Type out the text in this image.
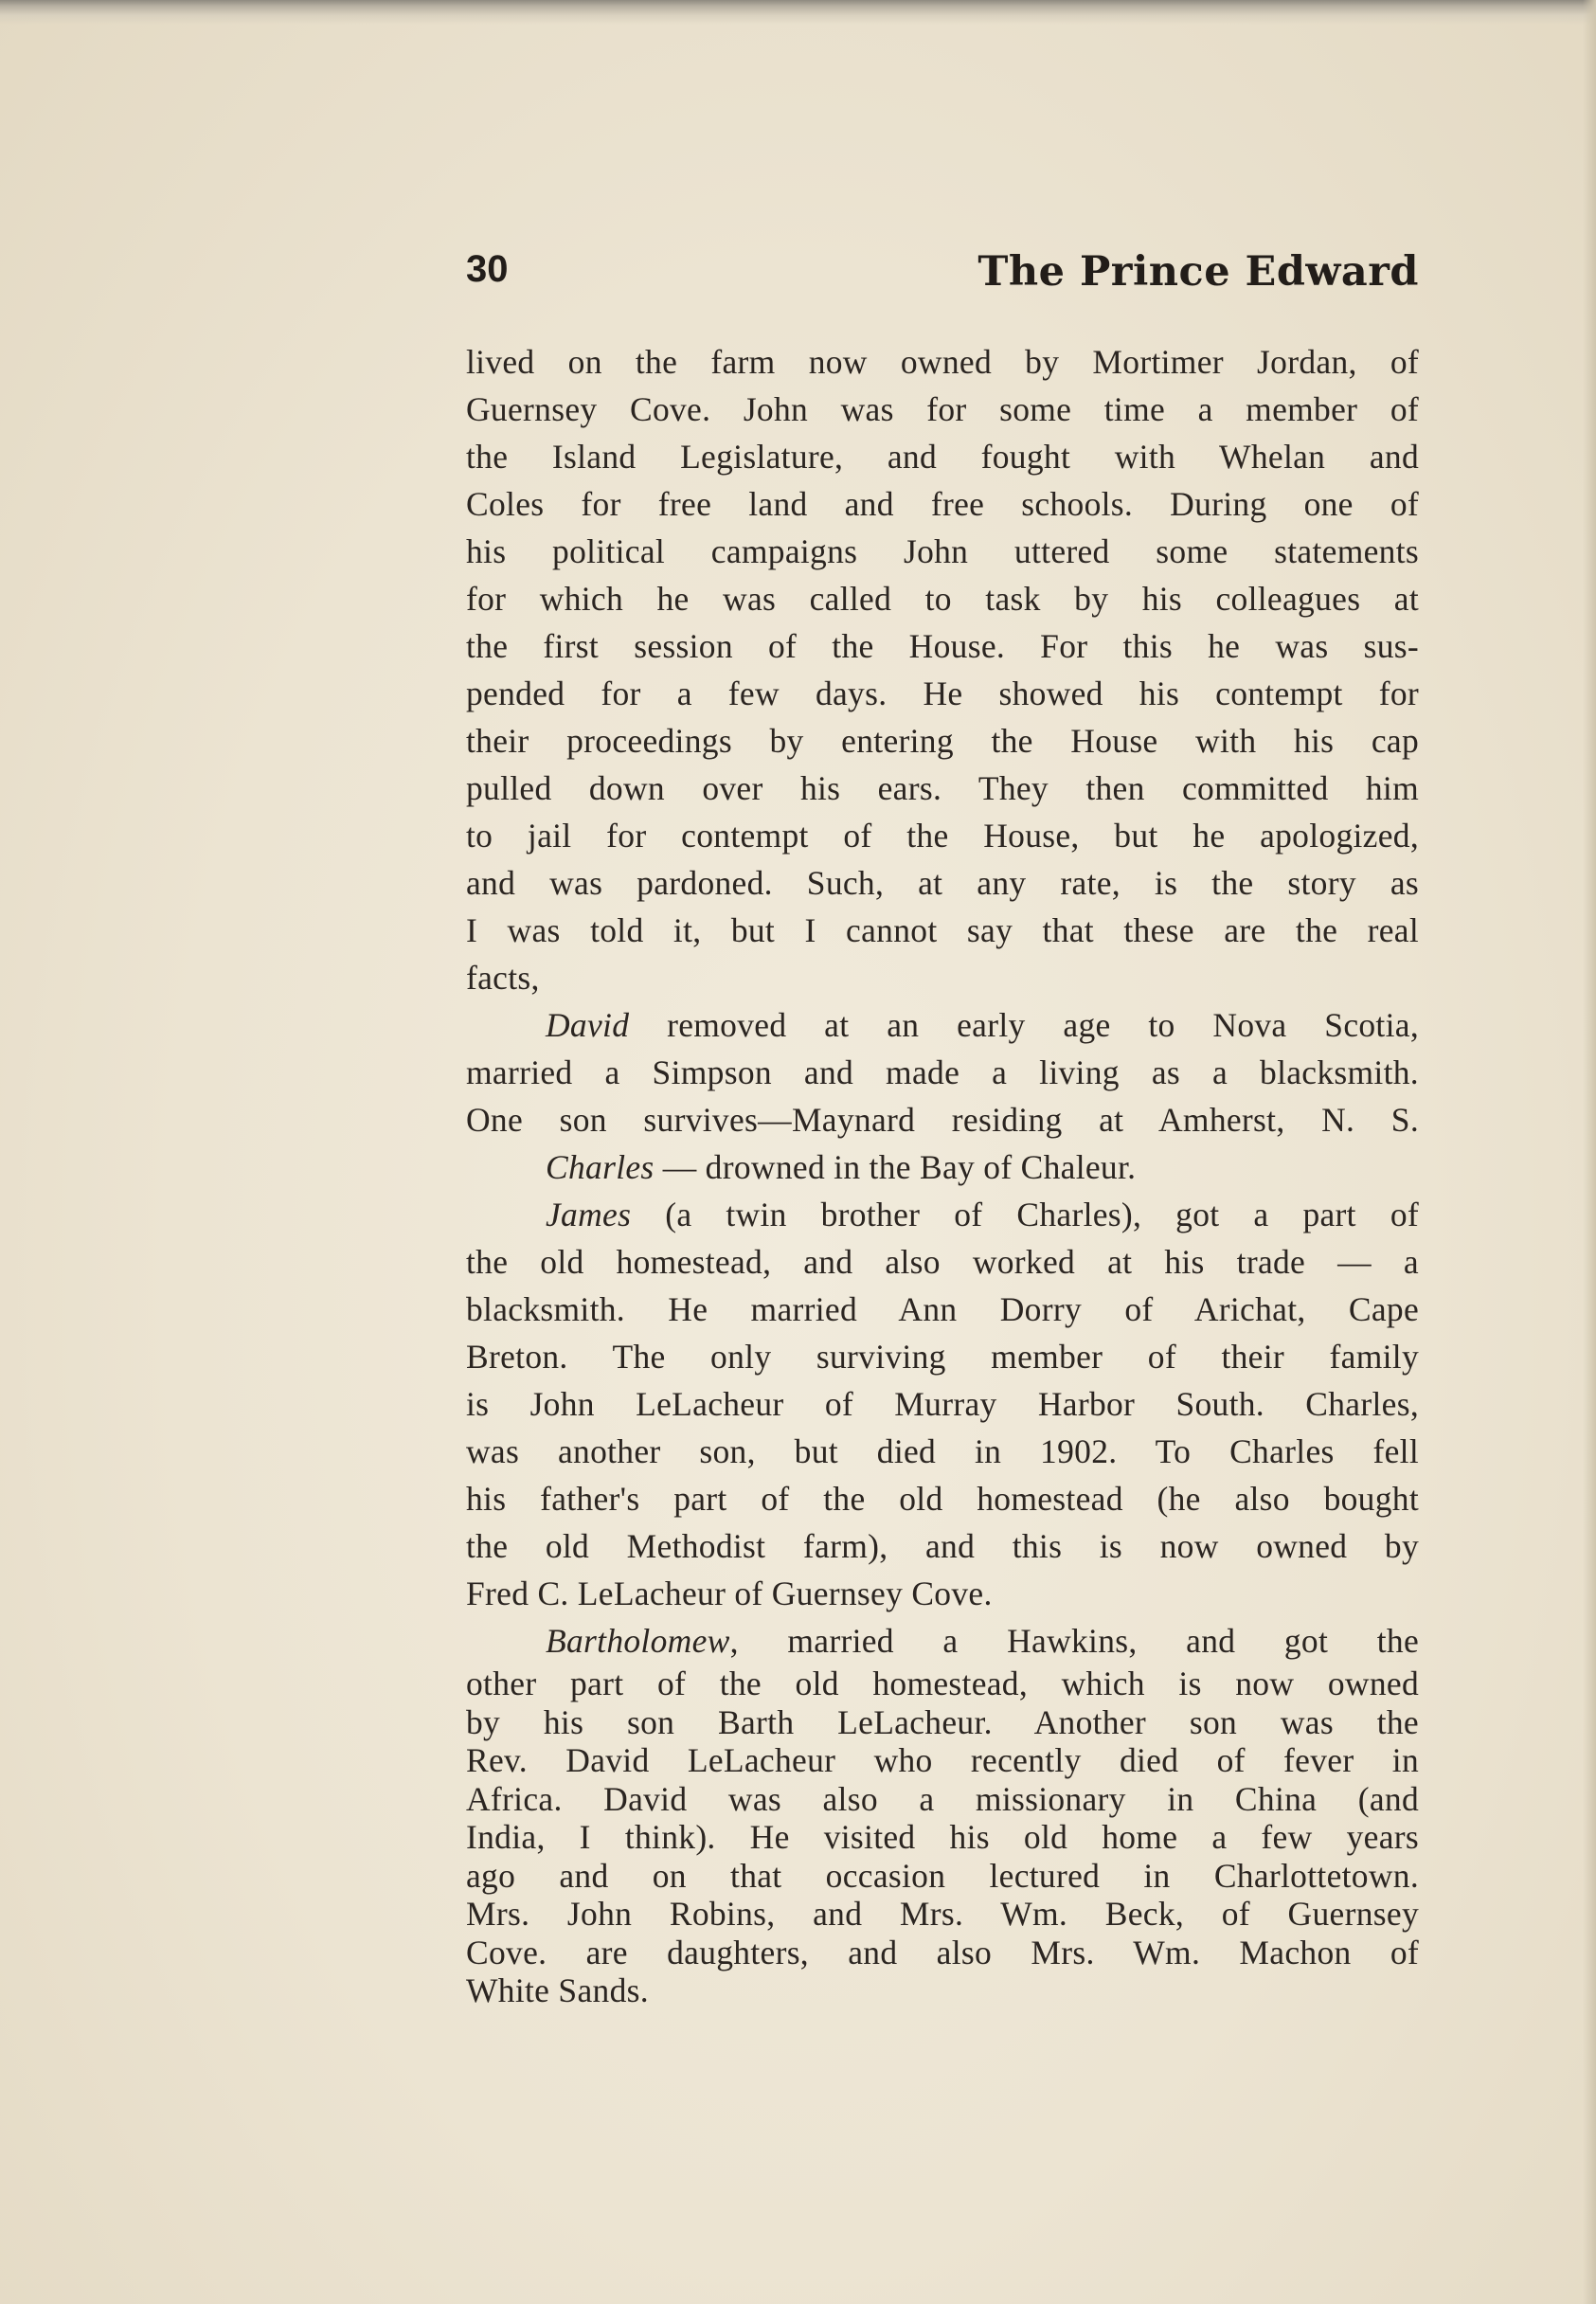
30	The Prince Edward
lived on the farm now owned by Mortimer Jordan, of
Guernsey Cove. John was for some time a member of
the Island Legislature, and fought with Whelan and
Coles for free land and free schools. During one of
his political campaigns John uttered some statements
for which he was called to task by his colleagues at
the first session of the House. For this he was sus-
pended for a few days. He showed his contempt for
their proceedings by entering the House with his cap
pulled down over his ears. They then committed him
to jail for contempt of the House, but he apologized,
and was pardoned. Such, at any rate, is the story as
I was told it, but I cannot say that these are the real
facts,
David removed at an early age to Nova Scotia,
married a Simpson and made a living as a blacksmith.
One son survives—Maynard residing at Amherst, N. S.
Charles — drowned in the Bay of Chaleur.
James (a twin brother of Charles), got a part of
the old homestead, and also worked at his trade — a
blacksmith. He married Ann Dorry of Arichat, Cape
Breton. The only surviving member of their family
is John LeLacheur of Murray Harbor South. Charles,
was another son, but died in 1902. To Charles fell
his father's part of the old homestead (he also bought
the old Methodist farm), and this is now owned by
Fred C. LeLacheur of Guernsey Cove.
Bartholomew, married a Hawkins, and got the
other part of the old homestead, which is now owned
by his son Barth LeLacheur. Another son was the
Rev. David LeLacheur who recently died of fever in
Africa. David was also a missionary in China (and
India, I think). He visited his old home a few years
ago and on that occasion lectured in Charlottetown.
Mrs. John Robins, and Mrs. Wm. Beck, of Guernsey
Cove. are daughters, and also Mrs. Wm. Machon of
White Sands.
